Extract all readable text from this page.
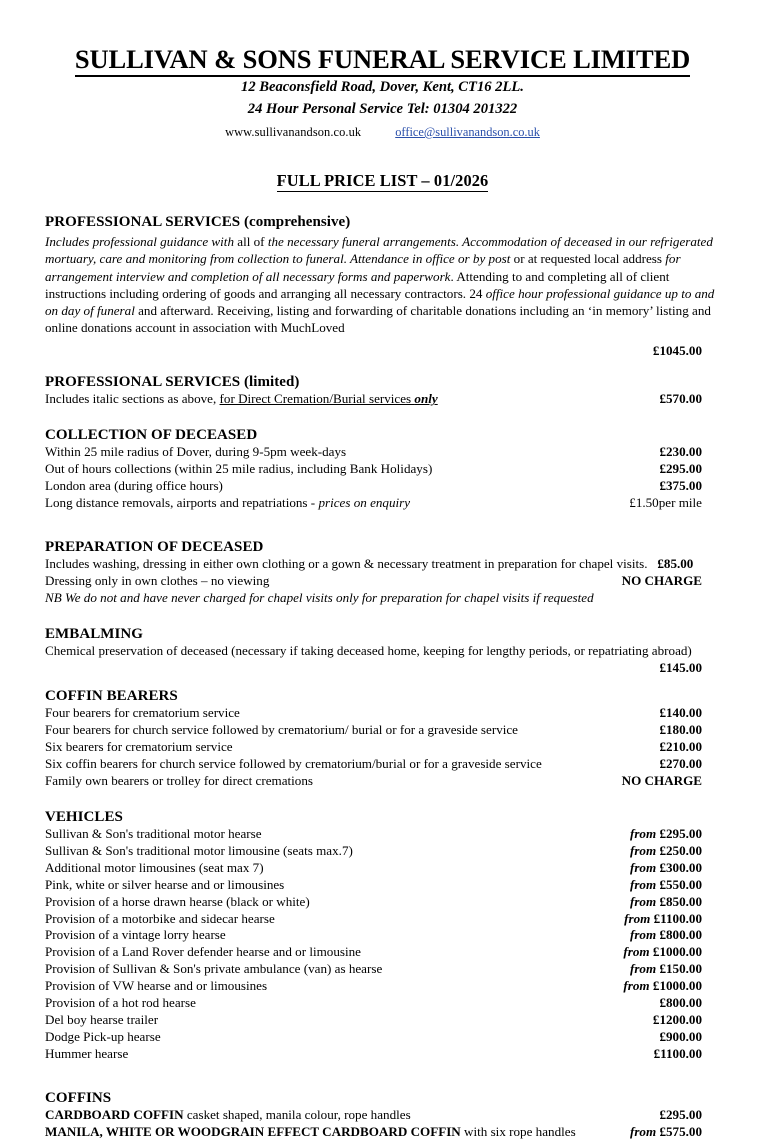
SULLIVAN & SONS FUNERAL SERVICE LIMITED
12 Beaconsfield Road, Dover, Kent, CT16 2LL.
24 Hour Personal Service Tel: 01304 201322
www.sullivanandson.co.uk	office@sullivanandson.co.uk
FULL PRICE LIST – 01/2026
PROFESSIONAL SERVICES (comprehensive)
Includes professional guidance with all of the necessary funeral arrangements. Accommodation of deceased in our refrigerated mortuary, care and monitoring from collection to funeral. Attendance in office or by post or at requested local address for arrangement interview and completion of all necessary forms and paperwork. Attending to and completing all of client instructions including ordering of goods and arranging all necessary contractors. 24 office hour professional guidance up to and on day of funeral and afterward. Receiving, listing and forwarding of charitable donations including an ‘in memory’ listing and online donations account in association with MuchLoved
£1045.00
PROFESSIONAL SERVICES (limited)
Includes italic sections as above, for Direct Cremation/Burial services only	£570.00
COLLECTION OF DECEASED
Within 25 mile radius of Dover, during 9-5pm week-days	£230.00
Out of hours collections (within 25 mile radius, including Bank Holidays)	£295.00
London area (during office hours)	£375.00
Long distance removals, airports and repatriations - prices on enquiry	£1.50per mile
PREPARATION OF DECEASED
Includes washing, dressing in either own clothing or a gown & necessary treatment in preparation for chapel visits. £85.00
Dressing only in own clothes – no viewing	NO CHARGE
NB We do not and have never charged for chapel visits only for preparation for chapel visits if requested
EMBALMING
Chemical preservation of deceased (necessary if taking deceased home, keeping for lengthy periods, or repatriating abroad)
£145.00
COFFIN BEARERS
Four bearers for crematorium service	£140.00
Four bearers for church service followed by crematorium/ burial or for a graveside service	£180.00
Six bearers for crematorium service	£210.00
Six coffin bearers for church service followed by crematorium/burial or for a graveside service	£270.00
Family own bearers or trolley for direct cremations	NO CHARGE
VEHICLES
Sullivan & Son's traditional motor hearse	from £295.00
Sullivan & Son's traditional motor limousine (seats max.7)	from £250.00
Additional motor limousines (seat max 7)	from £300.00
Pink, white or silver hearse and or limousines	from £550.00
Provision of a horse drawn hearse (black or white)	from £850.00
Provision of a motorbike and sidecar hearse	from £1100.00
Provision of a vintage lorry hearse	from £800.00
Provision of a Land Rover defender hearse and or limousine	from £1000.00
Provision of Sullivan & Son's private ambulance (van) as hearse	from £150.00
Provision of VW hearse and or limousines	from £1000.00
Provision of a hot rod hearse	£800.00
Del boy hearse trailer	£1200.00
Dodge Pick-up hearse	£900.00
Hummer hearse	£1100.00
COFFINS
CARDBOARD COFFIN casket shaped, manila colour, rope handles	£295.00
MANILA, WHITE OR WOODGRAIN EFFECT CARDBOARD COFFIN with six rope handles	from £575.00
